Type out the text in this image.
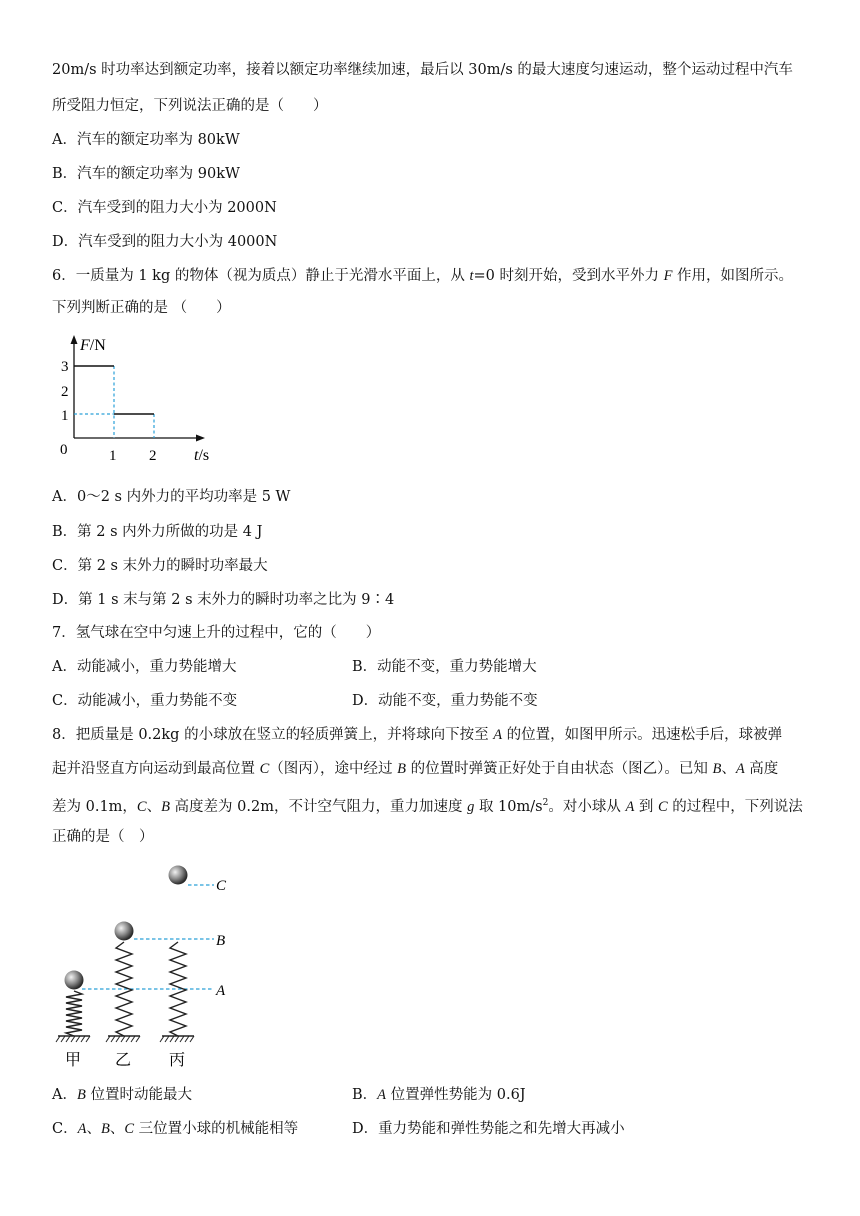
20m/s 时功率达到额定功率，接着以额定功率继续加速，最后以 30m/s 的最大速度匀速运动，整个运动过程中汽车
所受阻力恒定，下列说法正确的是（　　）
A．汽车的额定功率为 80kW
B．汽车的额定功率为 90kW
C．汽车受到的阻力大小为 2000N
D．汽车受到的阻力大小为 4000N
6．一质量为 1 kg 的物体（视为质点）静止于光滑水平面上，从 t=0 时刻开始，受到水平外力 F 作用，如图所示。
下列判断正确的是 （　　）
F/N
t/s
0
1
2
3
1 2
A．0～2 s 内外力的平均功率是 5 W
B．第 2 s 内外力所做的功是 4 J
C．第 2 s 末外力的瞬时功率最大
D．第 1 s 末与第 2 s 末外力的瞬时功率之比为 9∶4
7．氢气球在空中匀速上升的过程中，它的（　　）
A．动能减小，重力势能增大	B．动能不变，重力势能增大
C．动能减小，重力势能不变	D．动能不变，重力势能不变
8．把质量是 0.2kg 的小球放在竖立的轻质弹簧上，并将球向下按至 A 的位置，如图甲所示。迅速松手后，球被弹
起并沿竖直方向运动到最高位置 C（图丙），途中经过 B 的位置时弹簧正好处于自由状态（图乙）。已知 B、A 高度
差为 0.1m，C、B 高度差为 0.2m，不计空气阻力，重力加速度 g 取 $10m/s^2$。对小球从 A 到 C 的过程中，下列说法
正确的是（　）
C
B
A
甲 乙 丙
A．B 位置时动能最大	B．A 位置弹性势能为 0.6J
C．A、B、C 三位置小球的机械能相等	D．重力势能和弹性势能之和先增大再减小
